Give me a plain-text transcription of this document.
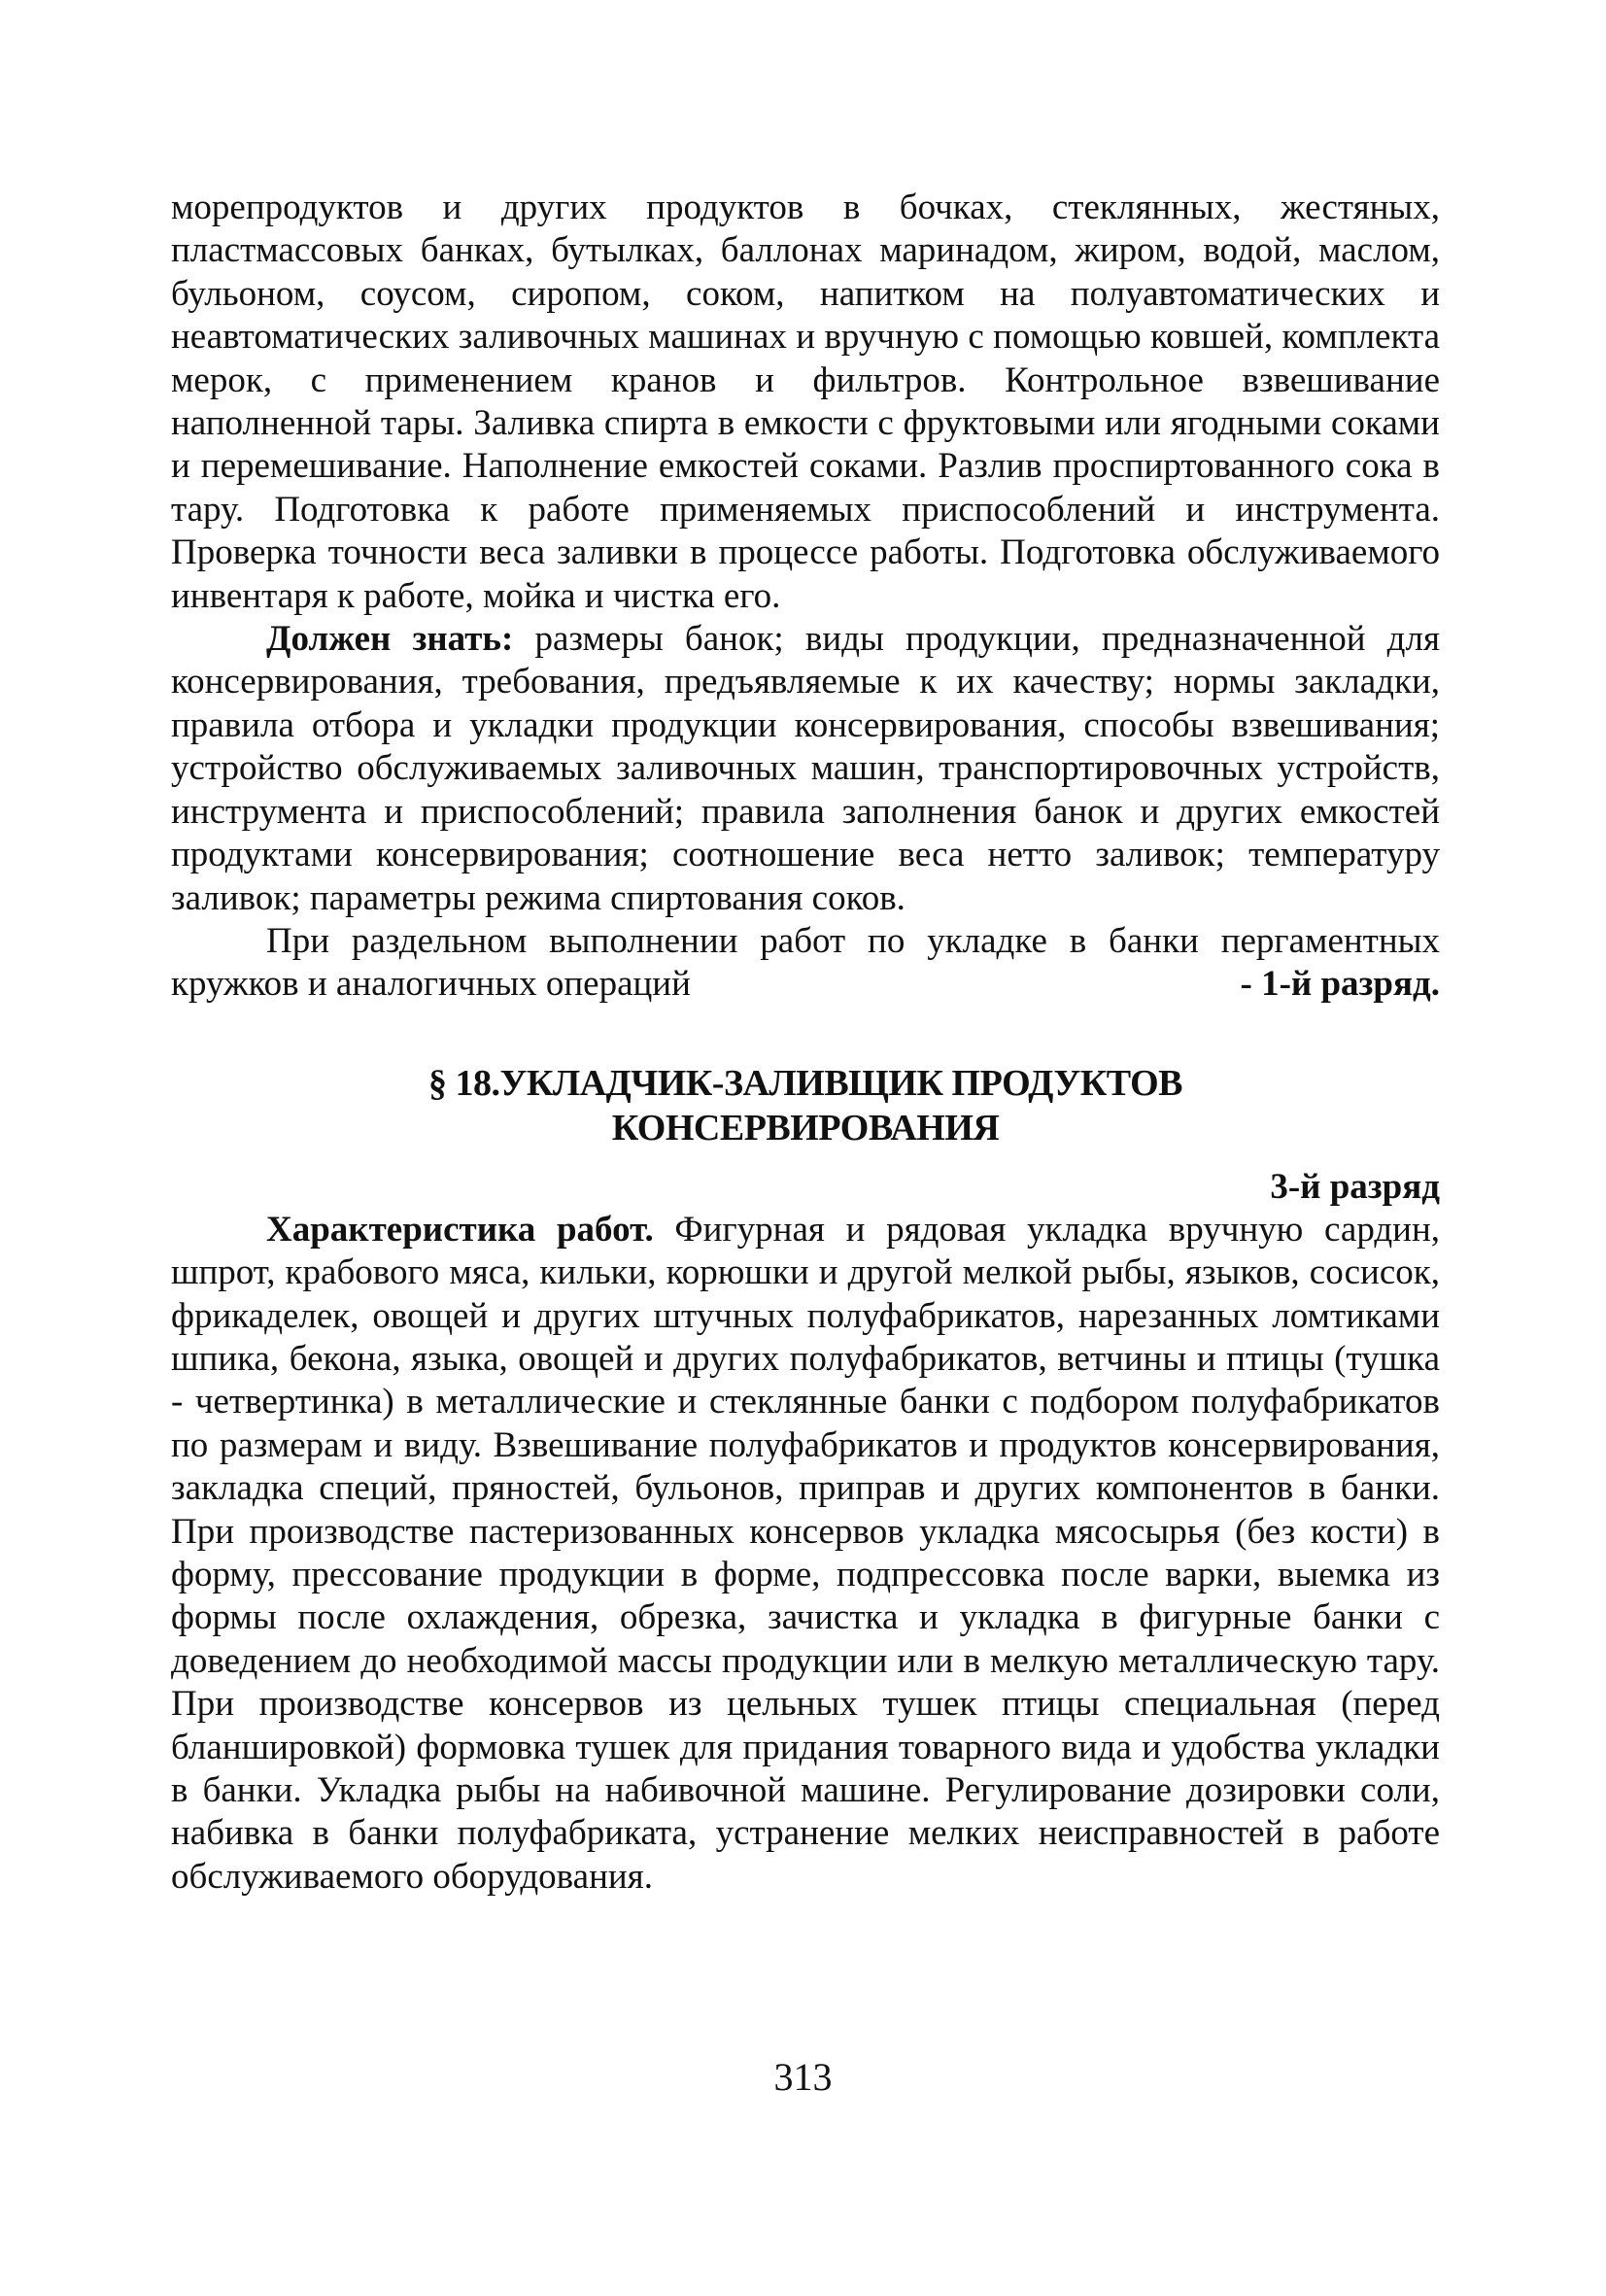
морепродуктов и других продуктов в бочках, стеклянных, жестяных, пластмассовых банках, бутылках, баллонах маринадом, жиром, водой, маслом, бульоном, соусом, сиропом, соком, напитком на полуавтоматических и неавтоматических заливочных машинах и вручную с помощью ковшей, комплекта мерок, с применением кранов и фильтров. Контрольное взвешивание наполненной тары. Заливка спирта в емкости с фруктовыми или ягодными соками и перемешивание. Наполнение емкостей соками. Разлив проспиртованного сока в тару. Подготовка к работе применяемых приспособлений и инструмента. Проверка точности веса заливки в процессе работы. Подготовка обслуживаемого инвентаря к работе, мойка и чистка его.

Должен знать: размеры банок; виды продукции, предназначенной для консервирования, требования, предъявляемые к их качеству; нормы закладки, правила отбора и укладки продукции консервирования, способы взвешивания; устройство обслуживаемых заливочных машин, транспортировочных устройств, инструмента и приспособлений; правила заполнения банок и других емкостей продуктами консервирования; соотношение веса нетто заливок; температуру заливок; параметры режима спиртования соков.

При раздельном выполнении работ по укладке в банки пергаментных

кружков и аналогичных операций	- 1-й разряд.
§ 18.УКЛАДЧИК-ЗАЛИВЩИК ПРОДУКТОВ
КОНСЕРВИРОВАНИЯ
3-й разряд

Характеристика работ. Фигурная и рядовая укладка вручную сардин, шпрот, крабового мяса, кильки, корюшки и другой мелкой рыбы, языков, сосисок, фрикаделек, овощей и других штучных полуфабрикатов, нарезанных ломтиками шпика, бекона, языка, овощей и других полуфабрикатов, ветчины и птицы (тушка - четвертинка) в металлические и стеклянные банки с подбором полуфабрикатов по размерам и виду. Взвешивание полуфабрикатов и продуктов консервирования, закладка специй, пряностей, бульонов, приправ и других компонентов в банки. При производстве пастеризованных консервов укладка мясосырья (без кости) в форму, прессование продукции в форме, подпрессовка после варки, выемка из формы после охлаждения, обрезка, зачистка и укладка в фигурные банки с доведением до необходимой массы продукции или в мелкую металлическую тару. При производстве консервов из цельных тушек птицы специальная (перед бланшировкой) формовка тушек для придания товарного вида и удобства укладки в банки. Укладка рыбы на набивочной машине. Регулирование дозировки соли, набивка в банки полуфабриката, устранение мелких неисправностей в работе обслуживаемого оборудования.

313
